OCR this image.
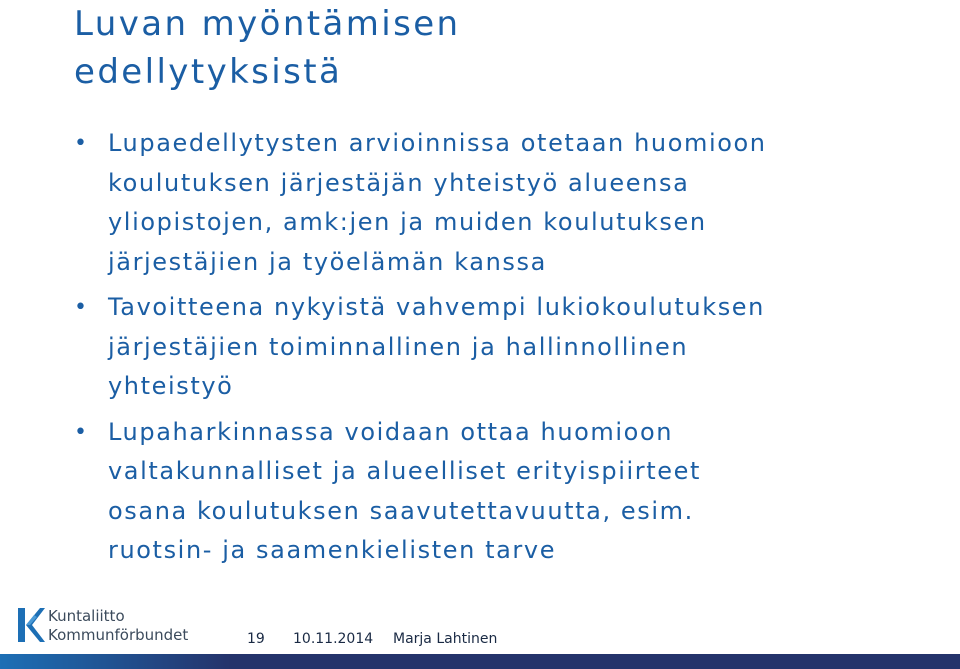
Luvan myöntämisen
edellytyksistä
• Lupaedellytysten arvioinnissa otetaan huomioon
koulutuksen järjestäjän yhteistyö alueensa
yliopistojen, amk:jen ja muiden koulutuksen
järjestäjien ja työelämän kanssa
• Tavoitteena nykyistä vahvempi lukiokoulutuksen
järjestäjien toiminnallinen ja hallinnollinen
yhteistyö
• Lupaharkinnassa voidaan ottaa huomioon
valtakunnalliset ja alueelliset erityispiirteet
osana koulutuksen saavutettavuutta, esim.
ruotsin- ja saamenkielisten tarve
Kuntaliitto
Kommunförbundet	19 10.11.2014 Marja Lahtinen
